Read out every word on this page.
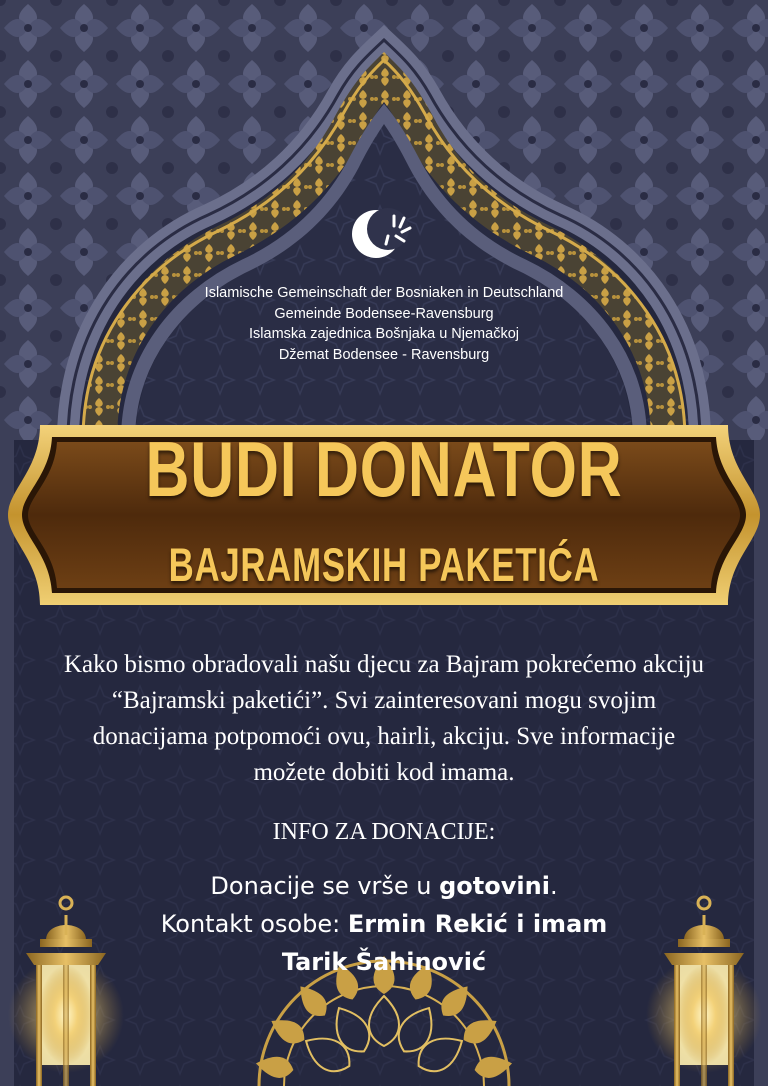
Islamische Gemeinschaft der Bosniaken in Deutschland
Gemeinde Bodensee-Ravensburg
Islamska zajednica Bošnjaka u Njemačkoj
Džemat Bodensee - Ravensburg
BUDI DONATOR
BAJRAMSKIH PAKETIĆA
Kako bismo obradovali našu djecu za Bajram pokrećemo akciju
“Bajramski paketići”. Svi zainteresovani mogu svojim
donacijama potpomoći ovu, hairli, akciju. Sve informacije
možete dobiti kod imama.
INFO ZA DONACIJE:
Donacije se vrše u gotovini.
Kontakt osobe: Ermin Rekić i imam
Tarik Šahinović
